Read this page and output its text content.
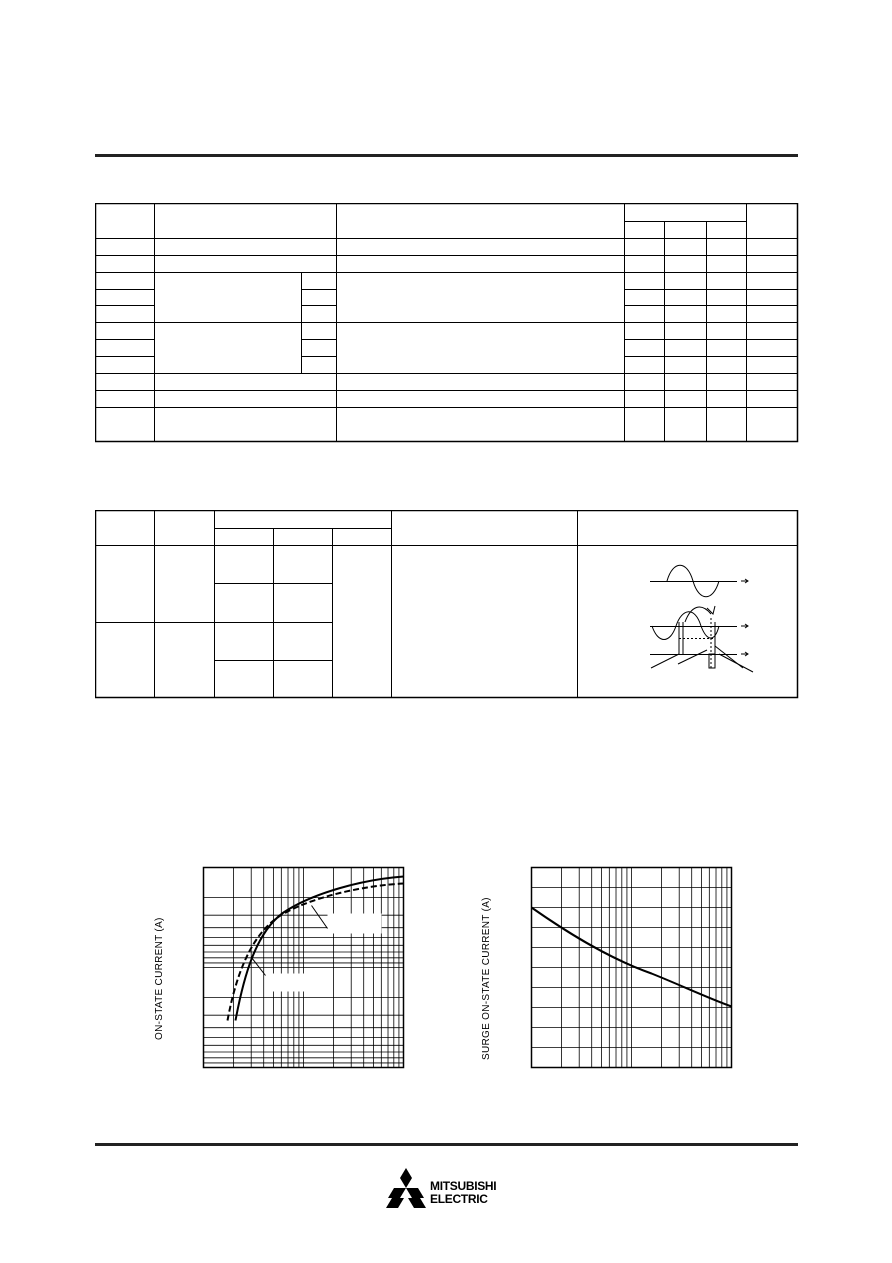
ON-STATE CURRENT (A)	SURGE ON-STATE CURRENT (A)
MITSUBISHI
ELECTRIC
